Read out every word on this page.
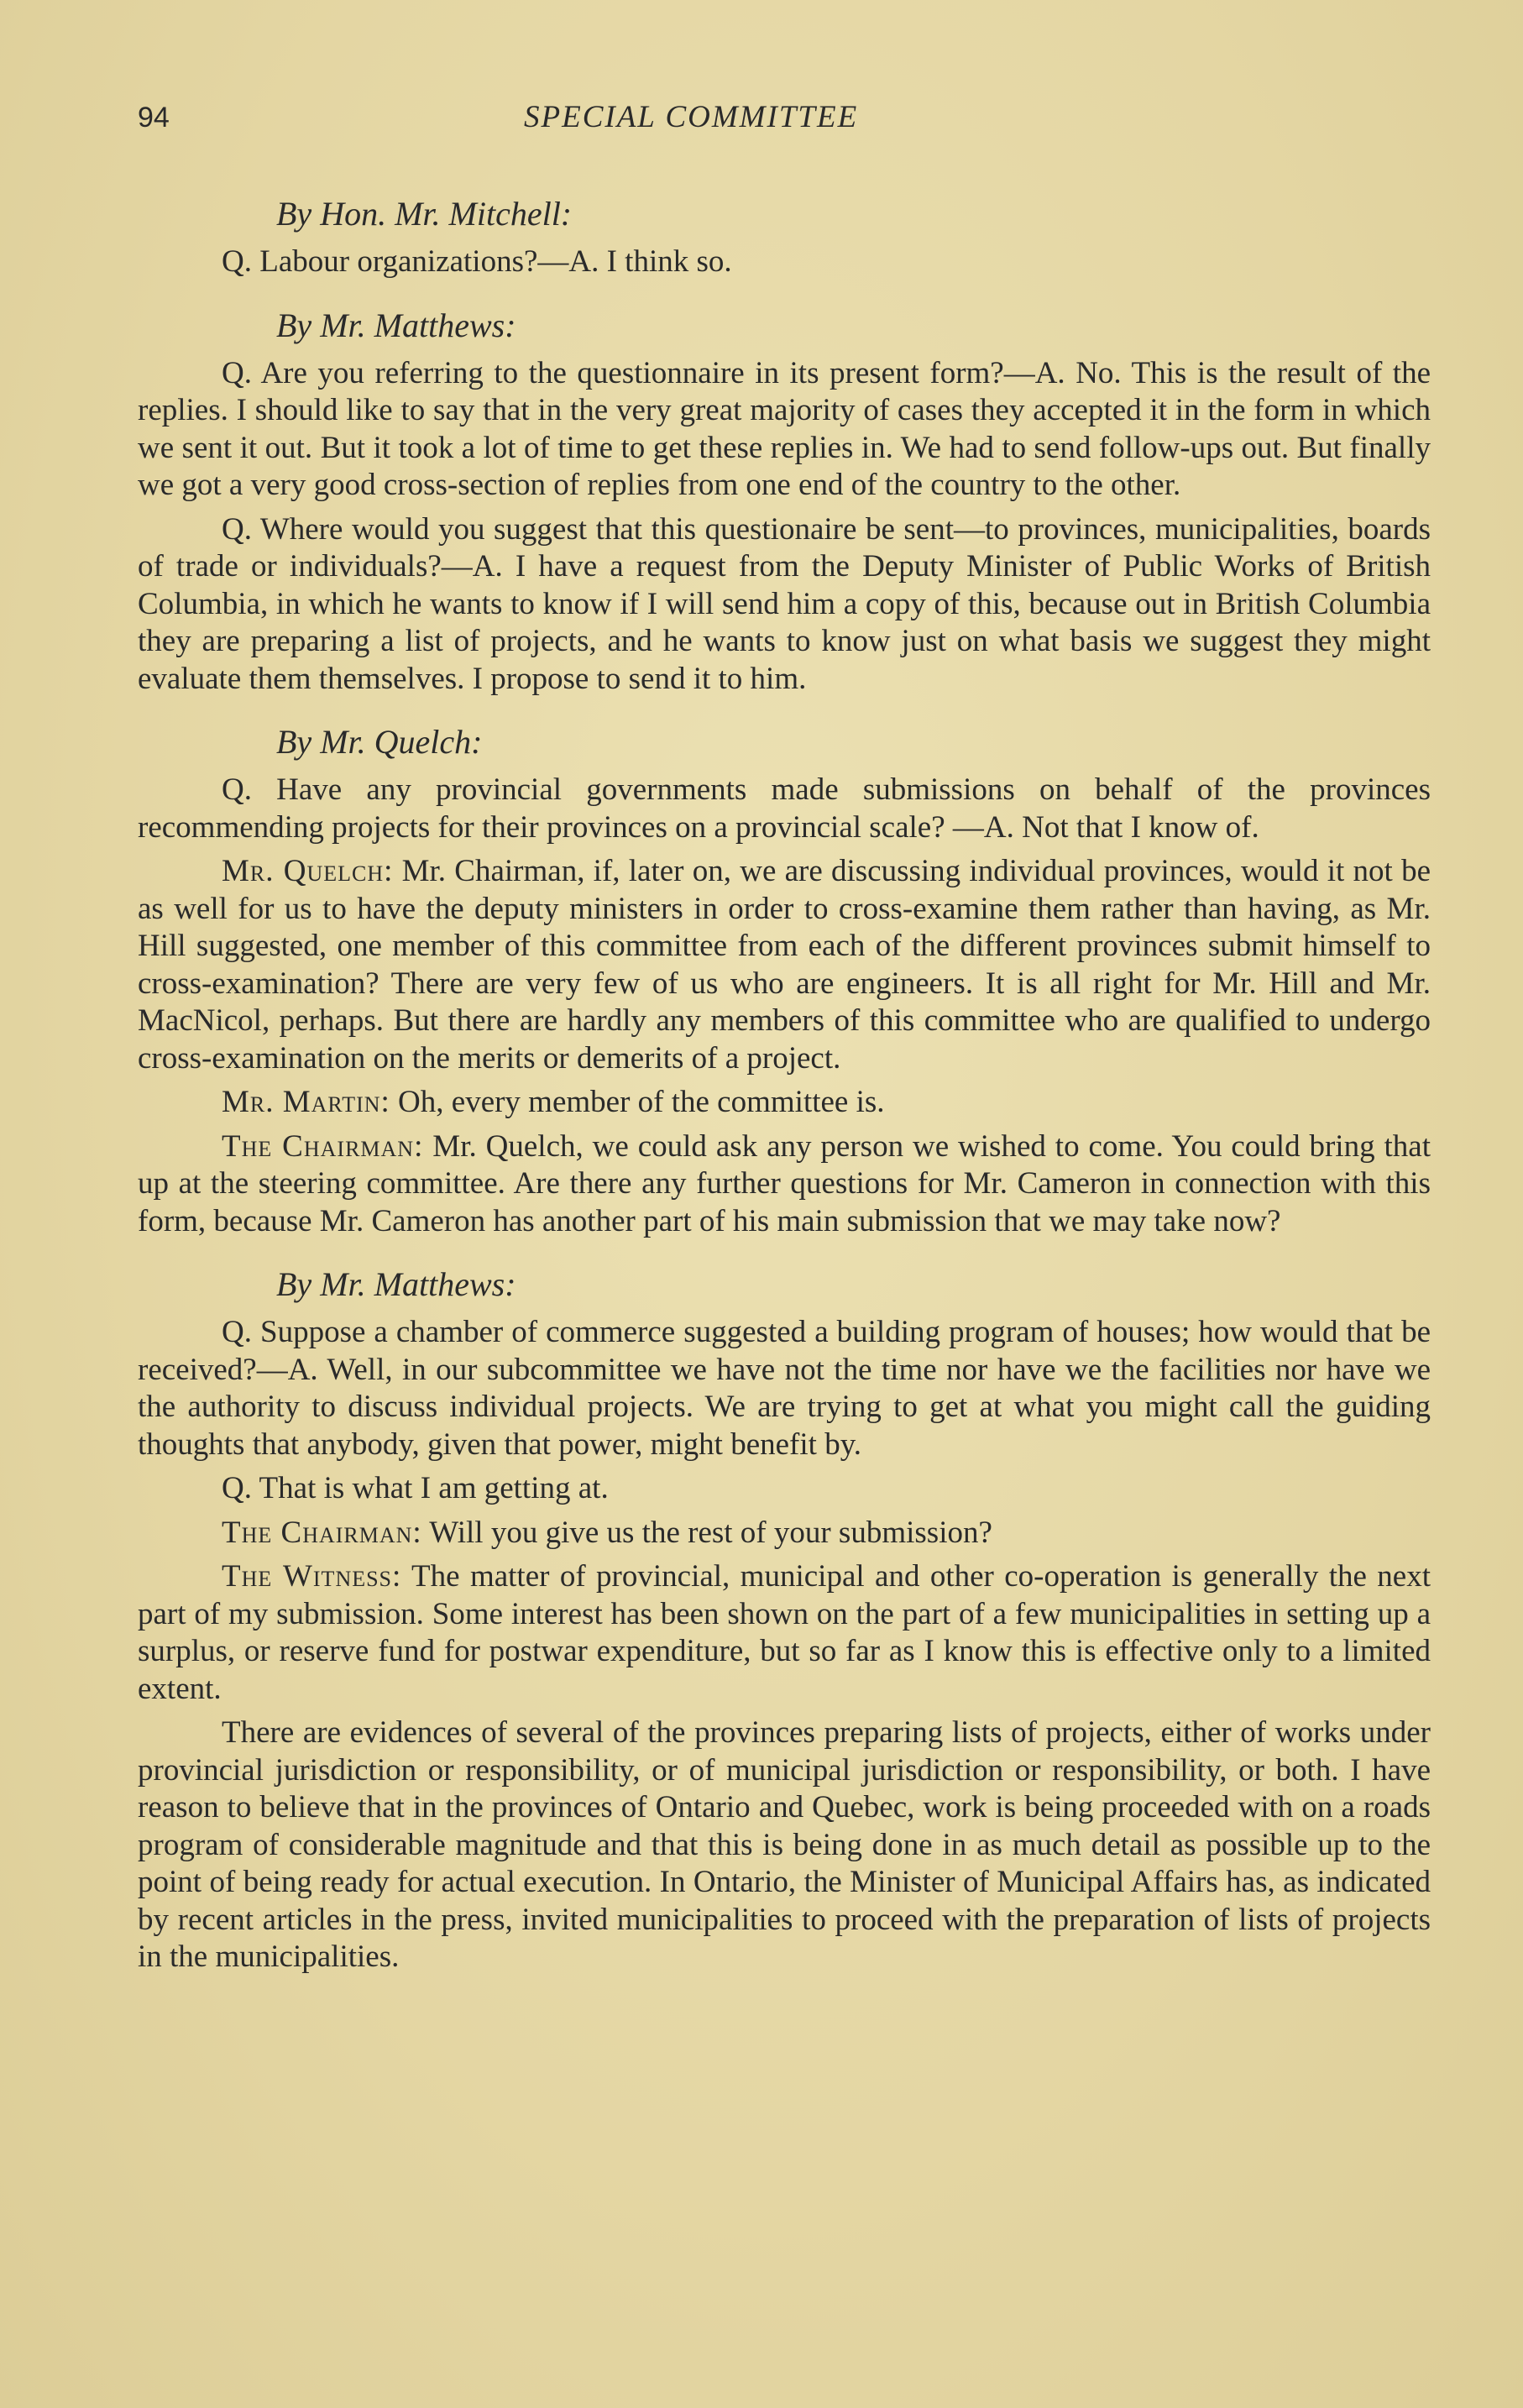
94	SPECIAL COMMITTEE
By Hon. Mr. Mitchell:

Q. Labour organizations?—A. I think so.

By Mr. Matthews:

Q. Are you referring to the questionnaire in its present form?—A. No. This is the result of the replies. I should like to say that in the very great majority of cases they accepted it in the form in which we sent it out. But it took a lot of time to get these replies in. We had to send follow-ups out. But finally we got a very good cross-section of replies from one end of the country to the other.

Q. Where would you suggest that this questionaire be sent—to provinces, municipalities, boards of trade or individuals?—A. I have a request from the Deputy Minister of Public Works of British Columbia, in which he wants to know if I will send him a copy of this, because out in British Columbia they are preparing a list of projects, and he wants to know just on what basis we suggest they might evaluate them themselves. I propose to send it to him.

By Mr. Quelch:

Q. Have any provincial governments made submissions on behalf of the provinces recommending projects for their provinces on a provincial scale? —A. Not that I know of.

Mr. Quelch: Mr. Chairman, if, later on, we are discussing individual provinces, would it not be as well for us to have the deputy ministers in order to cross-examine them rather than having, as Mr. Hill suggested, one member of this committee from each of the different provinces submit himself to cross-examination? There are very few of us who are engineers. It is all right for Mr. Hill and Mr. MacNicol, perhaps. But there are hardly any members of this committee who are qualified to undergo cross-examination on the merits or demerits of a project.

Mr. Martin: Oh, every member of the committee is.

The Chairman: Mr. Quelch, we could ask any person we wished to come. You could bring that up at the steering committee. Are there any further questions for Mr. Cameron in connection with this form, because Mr. Cameron has another part of his main submission that we may take now?

By Mr. Matthews:

Q. Suppose a chamber of commerce suggested a building program of houses; how would that be received?—A. Well, in our subcommittee we have not the time nor have we the facilities nor have we the authority to discuss individual projects. We are trying to get at what you might call the guiding thoughts that anybody, given that power, might benefit by.

Q. That is what I am getting at.

The Chairman: Will you give us the rest of your submission?

The Witness: The matter of provincial, municipal and other co-operation is generally the next part of my submission. Some interest has been shown on the part of a few municipalities in setting up a surplus, or reserve fund for postwar expenditure, but so far as I know this is effective only to a limited extent.

There are evidences of several of the provinces preparing lists of projects, either of works under provincial jurisdiction or responsibility, or of municipal jurisdiction or responsibility, or both. I have reason to believe that in the provinces of Ontario and Quebec, work is being proceeded with on a roads program of considerable magnitude and that this is being done in as much detail as possible up to the point of being ready for actual execution. In Ontario, the Minister of Municipal Affairs has, as indicated by recent articles in the press, invited municipalities to proceed with the preparation of lists of projects in the municipalities.
